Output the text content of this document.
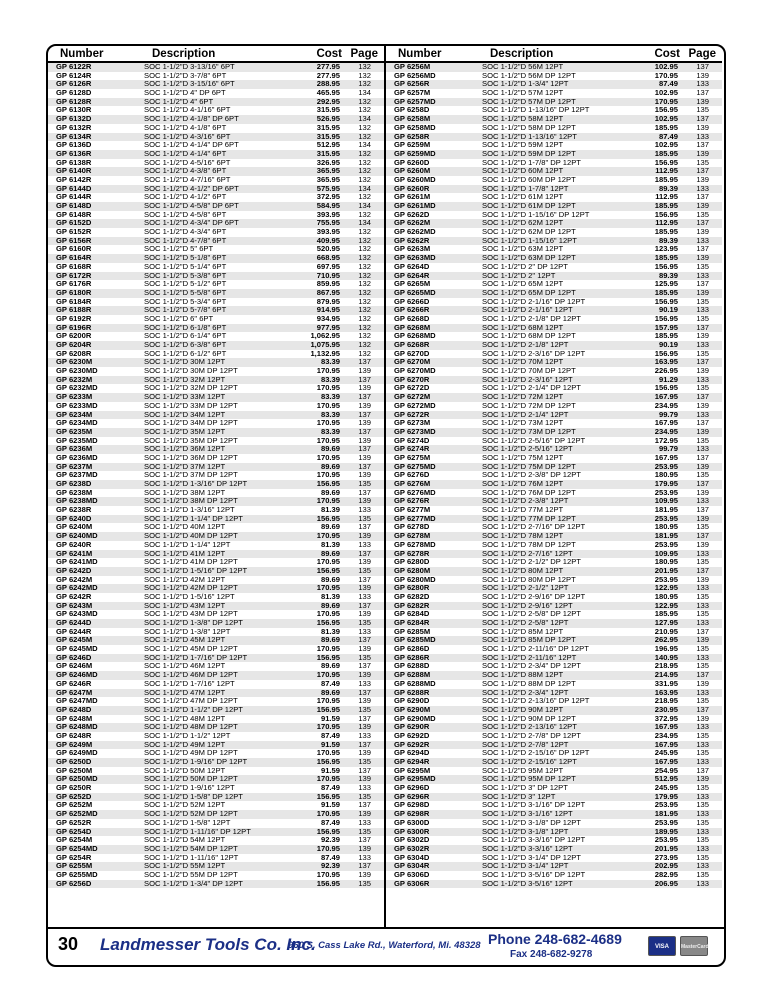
Number	Description	Cost Page
GP 6122R	SOC 1-1/2"D 3-13/16" 6PT	277.95 132
GP 6124R	SOC 1-1/2"D 3-7/8" 6PT	277.95 132
GP 6126R	SOC 1-1/2"D 3-15/16" 6PT	288.95 132
GP 6128D	SOC 1-1/2"D 4" DP 6PT	465.95 134
GP 6128R	SOC 1-1/2"D 4" 6PT	292.95 132
GP 6130R	SOC 1-1/2"D 4-1/16" 6PT	315.95 132
GP 6132D	SOC 1-1/2"D 4-1/8" DP 6PT	526.95 134
GP 6132R	SOC 1-1/2"D 4-1/8" 6PT	315.95 132
GP 6134R	SOC 1-1/2"D 4-3/16" 6PT	315.95 132
GP 6136D	SOC 1-1/2"D 4-1/4" DP 6PT	512.95 134
GP 6136R	SOC 1-1/2"D 4-1/4" 6PT	315.95 132
GP 6138R	SOC 1-1/2"D 4-5/16" 6PT	326.95 132
GP 6140R	SOC 1-1/2"D 4-3/8" 6PT	365.95 132
GP 6142R	SOC 1-1/2"D 4-7/16" 6PT	365.95 132
GP 6144D	SOC 1-1/2"D 4-1/2" DP 6PT	575.95 134
GP 6144R	SOC 1-1/2"D 4-1/2" 6PT	372.95 132
GP 6148D	SOC 1-1/2"D 4-5/8" DP 6PT	584.95 134
GP 6148R	SOC 1-1/2"D 4-5/8" 6PT	393.95 132
GP 6152D	SOC 1-1/2"D 4-3/4" DP 6PT	755.95 134
GP 6152R	SOC 1-1/2"D 4-3/4" 6PT	393.95 132
GP 6156R	SOC 1-1/2"D 4-7/8" 6PT	409.95 132
GP 6160R	SOC 1-1/2"D 5" 6PT	520.95 132
GP 6164R	SOC 1-1/2"D 5-1/8" 6PT	668.95 132
GP 6168R	SOC 1-1/2"D 5-1/4" 6PT	697.95 132
GP 6172R	SOC 1-1/2"D 5-3/8" 6PT	710.95 132
GP 6176R	SOC 1-1/2"D 5-1/2" 6PT	859.95 132
GP 6180R	SOC 1-1/2"D 5-5/8" 6PT	867.95 132
GP 6184R	SOC 1-1/2"D 5-3/4" 6PT	879.95 132
GP 6188R	SOC 1-1/2"D 5-7/8" 6PT	914.95 132
GP 6192R	SOC 1-1/2"D 6" 6PT	934.95 132
GP 6196R	SOC 1-1/2"D 6-1/8" 6PT	977.95 132
GP 6200R	SOC 1-1/2"D 6-1/4" 6PT	1,062.95 132
GP 6204R	SOC 1-1/2"D 6-3/8" 6PT	1,075.95 132
GP 6208R	SOC 1-1/2"D 6-1/2" 6PT	1,132.95 132
GP 6230M	SOC 1-1/2"D 30M 12PT	83.39 137
GP 6230MD	SOC 1-1/2"D 30M DP 12PT	170.95 139
GP 6232M	SOC 1-1/2"D 32M 12PT	83.39 137
GP 6232MD	SOC 1-1/2"D 32M DP 12PT	170.95 139
GP 6233M	SOC 1-1/2"D 33M 12PT	83.39 137
GP 6233MD	SOC 1-1/2"D 33M DP 12PT	170.95 139
GP 6234M	SOC 1-1/2"D 34M 12PT	83.39 137
GP 6234MD	SOC 1-1/2"D 34M DP 12PT	170.95 139
GP 6235M	SOC 1-1/2"D 35M 12PT	83.39 137
GP 6235MD	SOC 1-1/2"D 35M DP 12PT	170.95 139
GP 6236M	SOC 1-1/2"D 36M 12PT	89.69 137
GP 6236MD	SOC 1-1/2"D 36M DP 12PT	170.95 139
GP 6237M	SOC 1-1/2"D 37M 12PT	89.69 137
GP 6237MD	SOC 1-1/2"D 37M DP 12PT	170.95 139
GP 6238D	SOC 1-1/2"D 1-3/16" DP 12PT	156.95 135
GP 6238M	SOC 1-1/2"D 38M 12PT	89.69 137
GP 6238MD	SOC 1-1/2"D 38M DP 12PT	170.95 139
GP 6238R	SOC 1-1/2"D 1-3/16" 12PT	81.39 133
GP 6240D	SOC 1-1/2"D 1-1/4" DP 12PT	156.95 135
GP 6240M	SOC 1-1/2"D 40M 12PT	89.69 137
GP 6240MD	SOC 1-1/2"D 40M DP 12PT	170.95 139
GP 6240R	SOC 1-1/2"D 1-1/4" 12PT	81.39 133
GP 6241M	SOC 1-1/2"D 41M 12PT	89.69 137
GP 6241MD	SOC 1-1/2"D 41M DP 12PT	170.95 139
GP 6242D	SOC 1-1/2"D 1-5/16" DP 12PT	156.95 135
GP 6242M	SOC 1-1/2"D 42M 12PT	89.69 137
GP 6242MD	SOC 1-1/2"D 42M DP 12PT	170.95 139
GP 6242R	SOC 1-1/2"D 1-5/16" 12PT	81.39 133
GP 6243M	SOC 1-1/2"D 43M 12PT	89.69 137
GP 6243MD	SOC 1-1/2"D 43M DP 12PT	170.95 139
GP 6244D	SOC 1-1/2"D 1-3/8" DP 12PT	156.95 135
GP 6244R	SOC 1-1/2"D 1-3/8" 12PT	81.39 133
GP 6245M	SOC 1-1/2"D 45M 12PT	89.69 137
GP 6245MD	SOC 1-1/2"D 45M DP 12PT	170.95 139
GP 6246D	SOC 1-1/2"D 1-7/16" DP 12PT	156.95 135
GP 6246M	SOC 1-1/2"D 46M 12PT	89.69 137
GP 6246MD	SOC 1-1/2"D 46M DP 12PT	170.95 139
GP 6246R	SOC 1-1/2"D 1-7/16" 12PT	87.49 133
GP 6247M	SOC 1-1/2"D 47M 12PT	89.69 137
GP 6247MD	SOC 1-1/2"D 47M DP 12PT	170.95 139
GP 6248D	SOC 1-1/2"D 1-1/2" DP 12PT	156.95 135
GP 6248M	SOC 1-1/2"D 48M 12PT	91.59 137
GP 6248MD	SOC 1-1/2"D 48M DP 12PT	170.95 139
GP 6248R	SOC 1-1/2"D 1-1/2" 12PT	87.49 133
GP 6249M	SOC 1-1/2"D 49M 12PT	91.59 137
GP 6249MD	SOC 1-1/2"D 49M DP 12PT	170.95 139
GP 6250D	SOC 1-1/2"D 1-9/16" DP 12PT	156.95 135
GP 6250M	SOC 1-1/2"D 50M 12PT	91.59 137
GP 6250MD	SOC 1-1/2"D 50M DP 12PT	170.95 139
GP 6250R	SOC 1-1/2"D 1-9/16" 12PT	87.49 133
GP 6252D	SOC 1-1/2"D 1-5/8" DP 12PT	156.95 135
GP 6252M	SOC 1-1/2"D 52M 12PT	91.59 137
GP 6252MD	SOC 1-1/2"D 52M DP 12PT	170.95 139
GP 6252R	SOC 1-1/2"D 1-5/8" 12PT	87.49 133
GP 6254D	SOC 1-1/2"D 1-11/16" DP 12PT	156.95 135
GP 6254M	SOC 1-1/2"D 54M 12PT	92.39 137
GP 6254MD	SOC 1-1/2"D 54M DP 12PT	170.95 139
GP 6254R	SOC 1-1/2"D 1-11/16" 12PT	87.49 133
GP 6255M	SOC 1-1/2"D 55M 12PT	92.39 137
GP 6255MD	SOC 1-1/2"D 55M DP 12PT	170.95 139
GP 6256D	SOC 1-1/2"D 1-3/4" DP 12PT	156.95 135
Number	Description	Cost Page
GP 6256M	SOC 1-1/2"D 56M 12PT	102.95 137
GP 6256MD	SOC 1-1/2"D 56M DP 12PT	170.95 139
GP 6256R	SOC 1-1/2"D 1-3/4" 12PT	87.49 133
GP 6257M	SOC 1-1/2"D 57M 12PT	102.95 137
GP 6257MD	SOC 1-1/2"D 57M DP 12PT	170.95 139
GP 6258D	SOC 1-1/2"D 1-13/16" DP 12PT	156.95 135
GP 6258M	SOC 1-1/2"D 58M 12PT	102.95 137
GP 6258MD	SOC 1-1/2"D 58M DP 12PT	185.95 139
GP 6258R	SOC 1-1/2"D 1-13/16" 12PT	87.49 133
GP 6259M	SOC 1-1/2"D 59M 12PT	102.95 137
GP 6259MD	SOC 1-1/2"D 59M DP 12PT	185.95 139
GP 6260D	SOC 1-1/2"D 1-7/8" DP 12PT	156.95 135
GP 6260M	SOC 1-1/2"D 60M 12PT	112.95 137
GP 6260MD	SOC 1-1/2"D 60M DP 12PT	185.95 139
GP 6260R	SOC 1-1/2"D 1-7/8" 12PT	89.39 133
GP 6261M	SOC 1-1/2"D 61M 12PT	112.95 137
GP 6261MD	SOC 1-1/2"D 61M DP 12PT	185.95 139
GP 6262D	SOC 1-1/2"D 1-15/16" DP 12PT	156.95 135
GP 6262M	SOC 1-1/2"D 62M 12PT	112.95 137
GP 6262MD	SOC 1-1/2"D 62M DP 12PT	185.95 139
GP 6262R	SOC 1-1/2"D 1-15/16" 12PT	89.39 133
GP 6263M	SOC 1-1/2"D 63M 12PT	123.95 137
GP 6263MD	SOC 1-1/2"D 63M DP 12PT	185.95 139
GP 6264D	SOC 1-1/2"D 2" DP 12PT	156.95 135
GP 6264R	SOC 1-1/2"D 2" 12PT	89.39 133
GP 6265M	SOC 1-1/2"D 65M 12PT	125.95 137
GP 6265MD	SOC 1-1/2"D 65M DP 12PT	185.95 139
GP 6266D	SOC 1-1/2"D 2-1/16" DP 12PT	156.95 135
GP 6266R	SOC 1-1/2"D 2-1/16" 12PT	90.19 133
GP 6268D	SOC 1-1/2"D 2-1/8" DP 12PT	156.95 135
GP 6268M	SOC 1-1/2"D 68M 12PT	157.95 137
GP 6268MD	SOC 1-1/2"D 68M DP 12PT	185.95 139
GP 6268R	SOC 1-1/2"D 2-1/8" 12PT	90.19 133
GP 6270D	SOC 1-1/2"D 2-3/16" DP 12PT	156.95 135
GP 6270M	SOC 1-1/2"D 70M 12PT	163.95 137
GP 6270MD	SOC 1-1/2"D 70M DP 12PT	226.95 139
GP 6270R	SOC 1-1/2"D 2-3/16" 12PT	91.29 133
GP 6272D	SOC 1-1/2"D 2-1/4" DP 12PT	156.95 135
GP 6272M	SOC 1-1/2"D 72M 12PT	167.95 137
GP 6272MD	SOC 1-1/2"D 72M DP 12PT	234.95 139
GP 6272R	SOC 1-1/2"D 2-1/4" 12PT	99.79 133
GP 6273M	SOC 1-1/2"D 73M 12PT	167.95 137
GP 6273MD	SOC 1-1/2"D 73M DP 12PT	234.95 139
GP 6274D	SOC 1-1/2"D 2-5/16" DP 12PT	172.95 135
GP 6274R	SOC 1-1/2"D 2-5/16" 12PT	99.79 133
GP 6275M	SOC 1-1/2"D 75M 12PT	167.95 137
GP 6275MD	SOC 1-1/2"D 75M DP 12PT	253.95 139
GP 6276D	SOC 1-1/2"D 2-3/8" DP 12PT	180.95 135
GP 6276M	SOC 1-1/2"D 76M 12PT	179.95 137
GP 6276MD	SOC 1-1/2"D 76M DP 12PT	253.95 139
GP 6276R	SOC 1-1/2"D 2-3/8" 12PT	109.95 133
GP 6277M	SOC 1-1/2"D 77M 12PT	181.95 137
GP 6277MD	SOC 1-1/2"D 77M DP 12PT	253.95 139
GP 6278D	SOC 1-1/2"D 2-7/16" DP 12PT	180.95 135
GP 6278M	SOC 1-1/2"D 78M 12PT	181.95 137
GP 6278MD	SOC 1-1/2"D 78M DP 12PT	253.95 139
GP 6278R	SOC 1-1/2"D 2-7/16" 12PT	109.95 133
GP 6280D	SOC 1-1/2"D 2-1/2" DP 12PT	180.95 135
GP 6280M	SOC 1-1/2"D 80M 12PT	201.95 137
GP 6280MD	SOC 1-1/2"D 80M DP 12PT	253.95 139
GP 6280R	SOC 1-1/2"D 2-1/2" 12PT	122.95 133
GP 6282D	SOC 1-1/2"D 2-9/16" DP 12PT	180.95 135
GP 6282R	SOC 1-1/2"D 2-9/16" 12PT	122.95 133
GP 6284D	SOC 1-1/2"D 2-5/8" DP 12PT	185.95 135
GP 6284R	SOC 1-1/2"D 2-5/8" 12PT	127.95 133
GP 6285M	SOC 1-1/2"D 85M 12PT	210.95 137
GP 6285MD	SOC 1-1/2"D 85M DP 12PT	262.95 139
GP 6286D	SOC 1-1/2"D 2-11/16" DP 12PT	196.95 135
GP 6286R	SOC 1-1/2"D 2-11/16" 12PT	140.95 133
GP 6288D	SOC 1-1/2"D 2-3/4" DP 12PT	218.95 135
GP 6288M	SOC 1-1/2"D 88M 12PT	214.95 137
GP 6288MD	SOC 1-1/2"D 88M DP 12PT	331.95 139
GP 6288R	SOC 1-1/2"D 2-3/4" 12PT	163.95 133
GP 6290D	SOC 1-1/2"D 2-13/16" DP 12PT	218.95 135
GP 6290M	SOC 1-1/2"D 90M 12PT	230.95 137
GP 6290MD	SOC 1-1/2"D 90M DP 12PT	372.95 139
GP 6290R	SOC 1-1/2"D 2-13/16" 12PT	167.95 133
GP 6292D	SOC 1-1/2"D 2-7/8" DP 12PT	234.95 135
GP 6292R	SOC 1-1/2"D 2-7/8" 12PT	167.95 133
GP 6294D	SOC 1-1/2"D 2-15/16" DP 12PT	245.95 135
GP 6294R	SOC 1-1/2"D 2-15/16" 12PT	167.95 133
GP 6295M	SOC 1-1/2"D 95M 12PT	254.95 137
GP 6295MD	SOC 1-1/2"D 95M DP 12PT	512.95 139
GP 6296D	SOC 1-1/2"D 3" DP 12PT	245.95 135
GP 6296R	SOC 1-1/2"D 3" 12PT	179.95 133
GP 6298D	SOC 1-1/2"D 3-1/16" DP 12PT	253.95 135
GP 6298R	SOC 1-1/2"D 3-1/16" 12PT	181.95 133
GP 6300D	SOC 1-1/2"D 3-1/8" DP 12PT	253.95 135
GP 6300R	SOC 1-1/2"D 3-1/8" 12PT	189.95 133
GP 6302D	SOC 1-1/2"D 3-3/16" DP 12PT	253.95 135
GP 6302R	SOC 1-1/2"D 3-3/16" 12PT	201.95 133
GP 6304D	SOC 1-1/2"D 3-1/4" DP 12PT	273.95 135
GP 6304R	SOC 1-1/2"D 3-1/4" 12PT	202.95 133
GP 6306D	SOC 1-1/2"D 3-5/16" DP 12PT	282.95 135
GP 6306R	SOC 1-1/2"D 3-5/16" 12PT	206.95 133
30 Landmesser Tools Co. Inc.
960 S. Cass Lake Rd., Waterford, Mi. 48328 Phone 248-682-4689
Fax 248-682-9278
VISA	MasterCard
